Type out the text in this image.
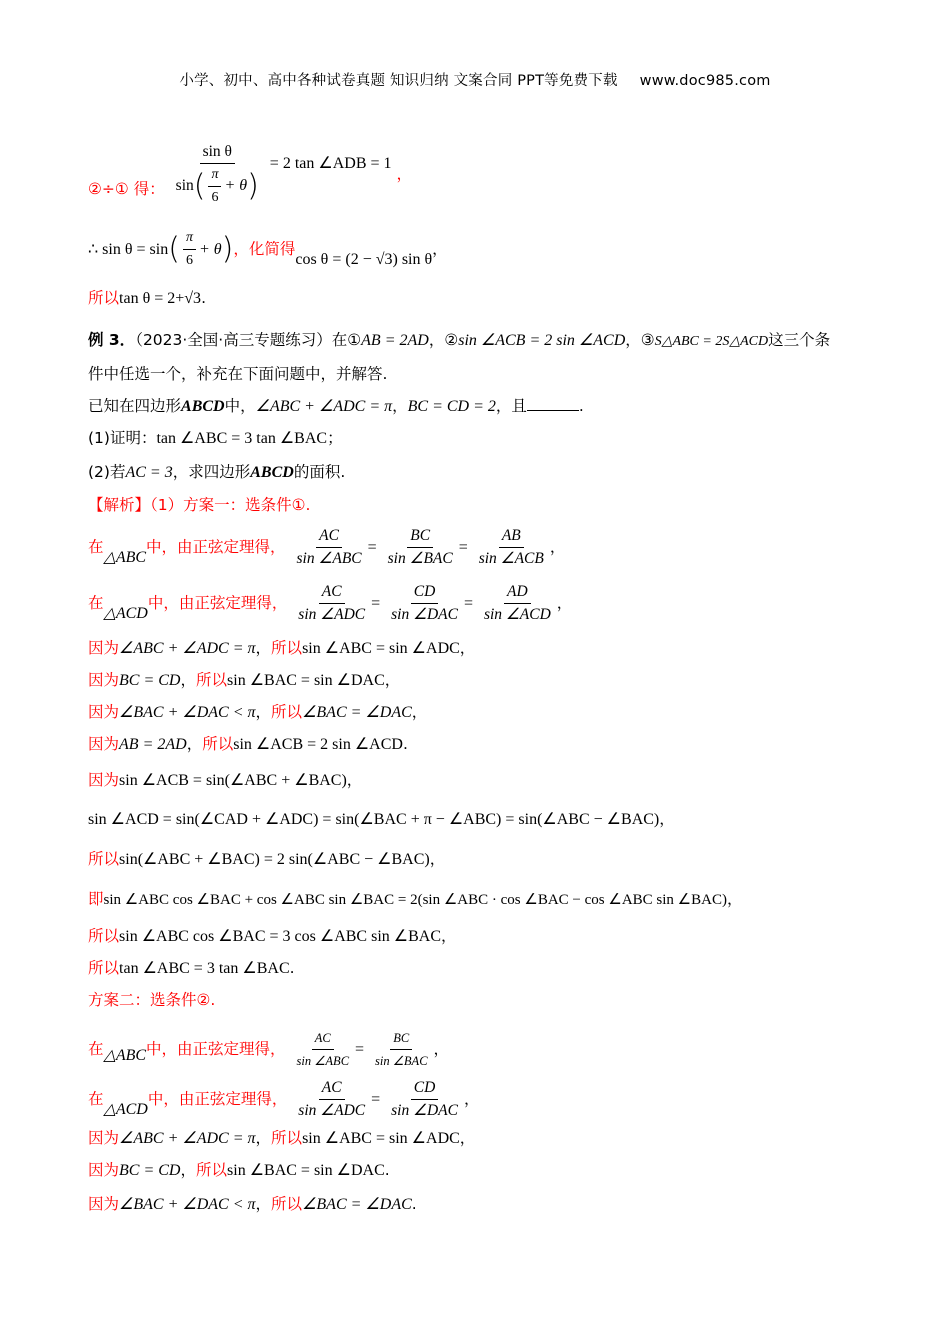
小学、初中、高中各种试卷真题 知识归纳 文案合同 PPT等免费下载 www.doc985.com
②÷① 得： $\frac{\text{sin θ}}{\sin( \frac{\pi}{6} + \theta)} = 2$ tan ∠ADB = 1 ，
∴ $\sin \theta = \sin( \frac{\pi}{6} + \theta)$，化简得cos θ = (2 − √3) sin θ，
所以tan θ = 2+√3.
例 3．（2023·全国·高三专题练习）在①AB = 2AD，②sin ∠ACB = 2 sin ∠ACD，③S△ABC = 2S△ACD这三个条
件中任选一个，补充在下面问题中，并解答.
已知在四边形ABCD中，∠ABC + ∠ADC = π，BC = CD = 2，且	.
(1)证明：tan ∠ABC = 3 tan ∠BAC；
(2)若AC = 3，求四边形ABCD的面积.
【解析】（1）方案一：选条件①.
在△ABC中，由正弦定理得， $\frac{AC}{\text{sin ∠ABC}} = \frac{BC}{\text{sin ∠BAC}} = \frac{AB}{\text{sin ∠ACB}}$ ，
在△ACD中，由正弦定理得， $\frac{AC}{\text{sin ∠ADC}} = \frac{CD}{\text{sin ∠DAC}} = \frac{AD}{\text{sin ∠ACD}}$ ，
因为∠ABC + ∠ADC = π，所以sin ∠ABC = sin ∠ADC，
因为BC = CD，所以sin ∠BAC = sin ∠DAC，
因为∠BAC + ∠DAC < π，所以∠BAC = ∠DAC，
因为AB = 2AD，所以sin ∠ACB = 2 sin ∠ACD.
因为sin ∠ACB = sin(∠ABC + ∠BAC)，
sin ∠ACD = sin(∠CAD + ∠ADC) = sin(∠BAC + π − ∠ABC) = sin(∠ABC − ∠BAC)，
所以sin(∠ABC + ∠BAC) = 2 sin(∠ABC − ∠BAC)，
即sin ∠ABC cos ∠BAC + cos ∠ABC sin ∠BAC = 2(sin ∠ABC · cos ∠BAC − cos ∠ABC sin ∠BAC)，
所以sin ∠ABC cos ∠BAC = 3 cos ∠ABC sin ∠BAC，
所以tan ∠ABC = 3 tan ∠BAC.
方案二：选条件②.
在△ABC中，由正弦定理得， $\frac{AC}{\text{sin ∠ABC}} = \frac{BC}{\text{sin ∠BAC}}$ ，
在△ACD中，由正弦定理得， $\frac{AC}{\text{sin ∠ADC}} = \frac{CD}{\text{sin ∠DAC}}$ ，
因为∠ABC + ∠ADC = π，所以sin ∠ABC = sin ∠ADC，
因为BC = CD，所以sin ∠BAC = sin ∠DAC.
因为∠BAC + ∠DAC < π，所以∠BAC = ∠DAC.
